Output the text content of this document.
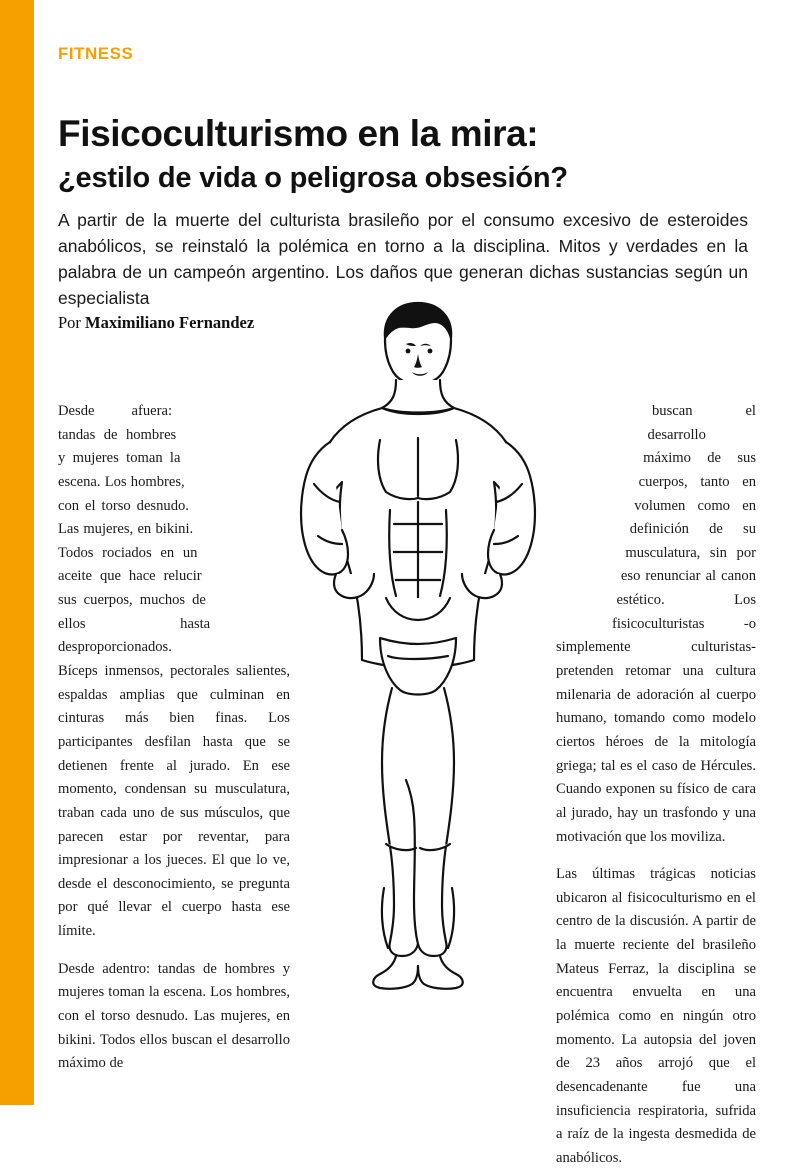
FITNESS
Fisicoculturismo en la mira:
¿estilo de vida o peligrosa obsesión?
A partir de la muerte del culturista brasileño por el consumo excesivo de esteroides anabólicos, se reinstaló la polémica en torno a la disciplina. Mitos y verdades en la palabra de un campeón argentino. Los daños que generan dichas sustancias según un especialista
Por Maximiliano Fernandez

Desde afuera: tandas de hombres y mujeres toman la escena. Los hombres, con el torso desnudo. Las mujeres, en bikini. Todos rociados en un aceite que hace relucir sus cuerpos, muchos de ellos hasta desproporcionados. Bíceps inmensos, pectorales salientes, espaldas amplias que culminan en cinturas más bien finas. Los participantes desfilan hasta que se detienen frente al jurado. En ese momento, condensan su musculatura, traban cada uno de sus músculos, que parecen estar por reventar, para impresionar a los jueces. El que lo ve, desde el desconocimiento, se pregunta por qué llevar el cuerpo hasta ese límite.

Desde adentro: tandas de hombres y mujeres toman la escena. Los hombres, con el torso desnudo. Las mujeres, en bikini. Todos ellos buscan el desarrollo máximo de

buscan el desarrollo máximo de sus cuerpos, tanto en volumen como en definición de su musculatura, sin por eso renunciar al canon estético. Los fisicoculturistas -o simplemente culturistas- pretenden retomar una cultura milenaria de adoración al cuerpo humano, tomando como modelo ciertos héroes de la mitología griega; tal es el caso de Hércules. Cuando exponen su físico de cara al jurado, hay un trasfondo y una motivación que los moviliza.

Las últimas trágicas noticias ubicaron al fisicoculturismo en el centro de la discusión. A partir de la muerte reciente del brasileño Mateus Ferraz, la disciplina se encuentra envuelta en una polémica como en ningún otro momento. La autopsia del joven de 23 años arrojó que el desencadenante fue una insuficiencia respiratoria, sufrida a raíz de la ingesta desmedida de anabólicos.
